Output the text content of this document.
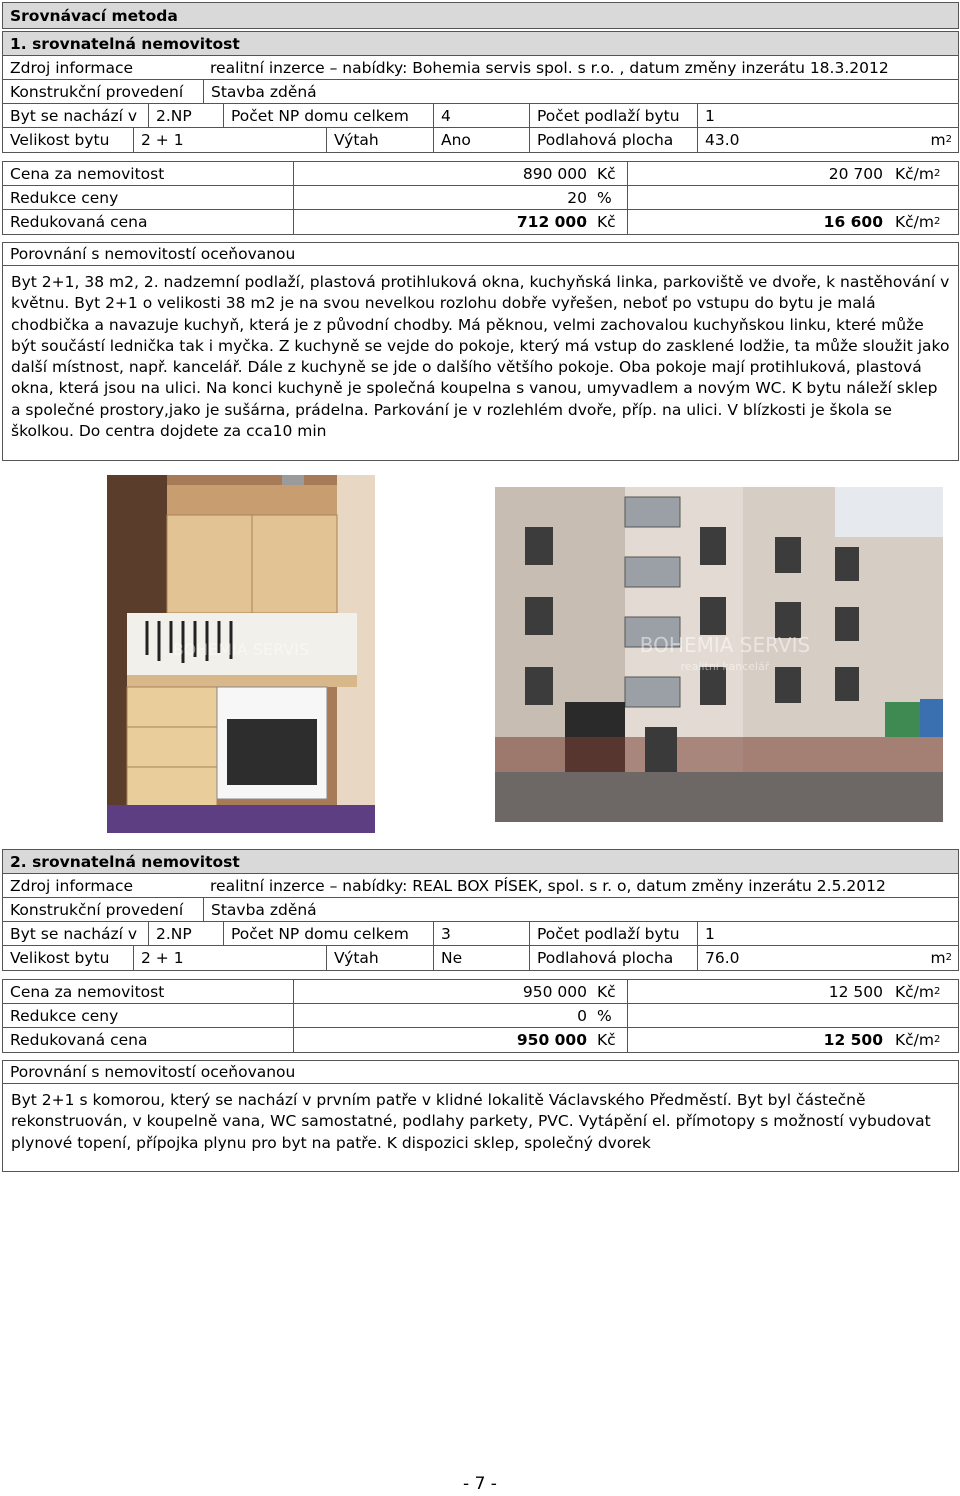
Srovnávací metoda
1. srovnatelná nemovitost
Zdroj informace	realitní inzerce – nabídky: Bohemia servis spol. s r.o. , datum změny inzerátu 18.3.2012
Konstrukční provedení	Stavba zděná
Byt se nachází v	2.NP	Počet NP domu celkem	4	Počet podlaží bytu	1
Velikost bytu	2 + 1	Výtah	Ano	Podlahová plocha	43.0	m 2
Cena za nemovitost	890 000 Kč	20 700 Kč/m 2
Redukce ceny	20 %
Redukovaná cena	712 000 Kč	16 600 Kč/m 2
Porovnání s nemovitostí oceňovanou
Byt 2+1, 38 m2, 2. nadzemní podlaží, plastová protihluková okna, kuchyňská linka, parkoviště ve dvoře, k nastěhování v květnu. Byt 2+1 o velikosti 38 m2 je na svou nevelkou rozlohu dobře vyřešen, neboť po vstupu do bytu je malá chodbička a navazuje kuchyň, která je z původní chodby. Má pěknou, velmi zachovalou kuchyňskou linku, které může být součástí lednička tak i myčka. Z kuchyně se vejde do pokoje, který má vstup do zasklené lodžie, ta může sloužit jako další místnost, např. kancelář. Dále z kuchyně se jde o dalšího většího pokoje. Oba pokoje mají protihluková, plastová okna, která jsou na ulici. Na konci kuchyně je společná koupelna s vanou, umyvadlem a novým WC. K bytu náleží sklep a společné prostory,jako je sušárna, prádelna. Parkování je v rozlehlém dvoře, příp. na ulici. V blízkosti je škola se školkou. Do centra dojdete za cca10 min
BOHEMIA SERVIS	BOHEMIA SERVIS
realitní kancelář
2. srovnatelná nemovitost
Zdroj informace	realitní inzerce – nabídky: REAL BOX PÍSEK, spol. s r. o, datum změny inzerátu 2.5.2012
Konstrukční provedení	Stavba zděná
Byt se nachází v	2.NP	Počet NP domu celkem	3	Počet podlaží bytu	1
Velikost bytu	2 + 1	Výtah	Ne	Podlahová plocha	76.0	m 2
Cena za nemovitost	950 000 Kč	12 500 Kč/m 2
Redukce ceny	0 %
Redukovaná cena	950 000 Kč	12 500 Kč/m 2
Porovnání s nemovitostí oceňovanou
Byt 2+1 s komorou, který se nachází v prvním patře v klidné lokalitě Václavského Předměstí. Byt byl částečně rekonstruován, v koupelně vana, WC samostatné, podlahy parkety, PVC. Vytápění el. přímotopy s možností vybudovat plynové topení, přípojka plynu pro byt na patře. K dispozici sklep, společný dvorek
- 7 -
